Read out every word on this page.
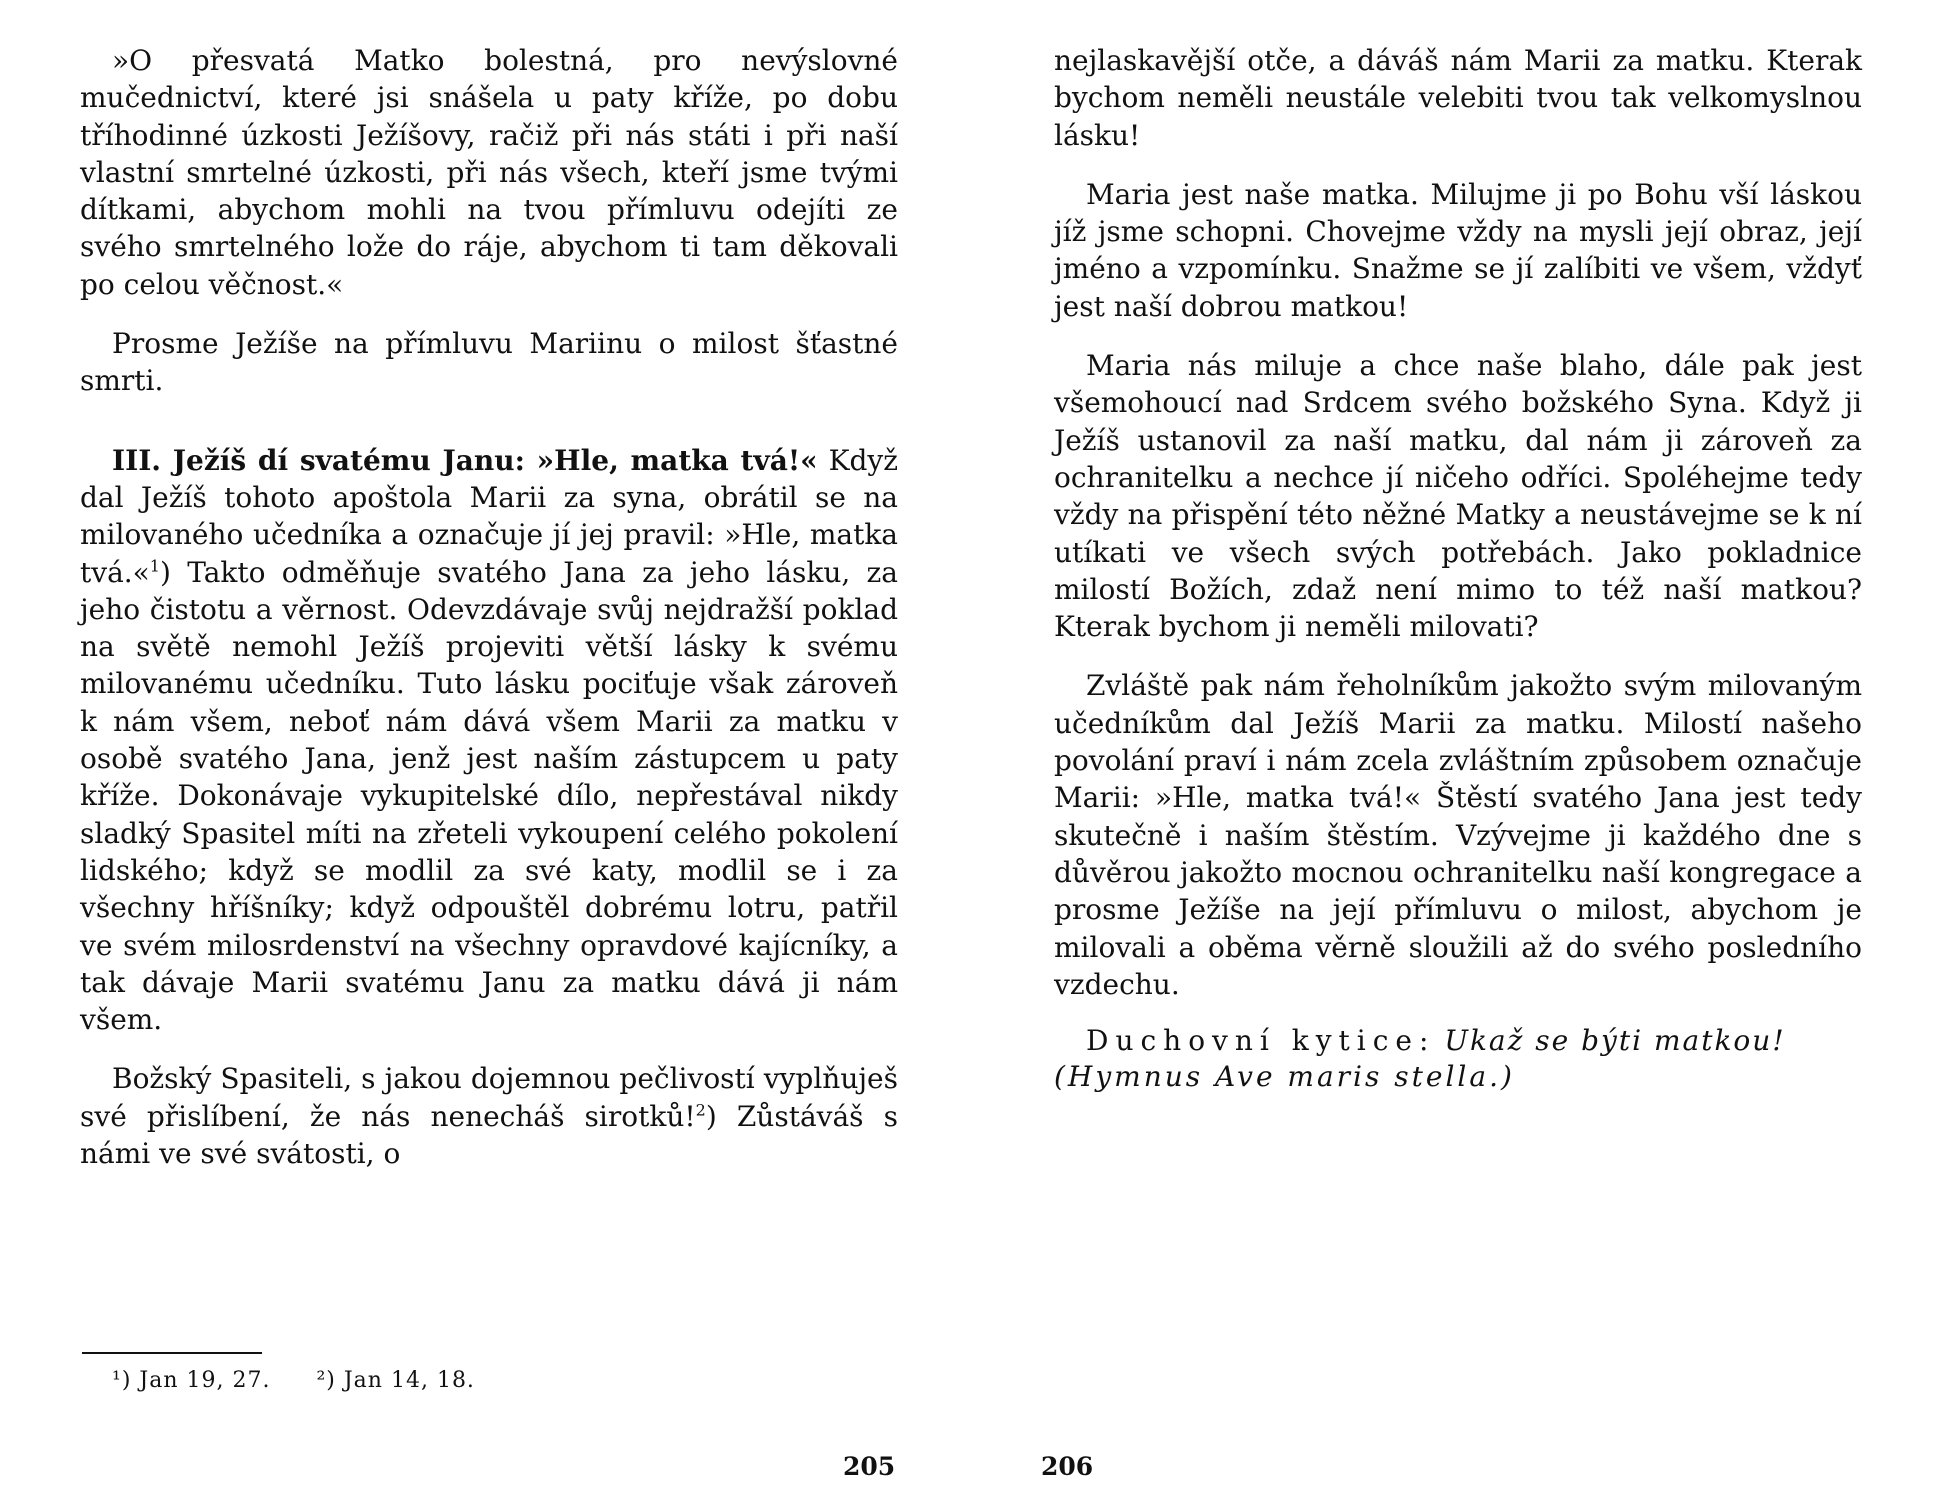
»O přesvatá Matko bolestná, pro nevýslovné mučednictví, které jsi snášela u paty kříže, po dobu tříhodinné úzkosti Ježíšovy, račiž při nás státi i při naší vlastní smrtelné úzkosti, při nás všech, kteří jsme tvými dítkami, abychom mohli na tvou přímluvu odejíti ze svého smrtelného lože do ráje, abychom ti tam děkovali po celou věčnost.«

Prosme Ježíše na přímluvu Mariinu o milost šťastné smrti.

III. Ježíš dí svatému Janu: »Hle, matka tvá!« Když dal Ježíš tohoto apoštola Marii za syna, obrátil se na milovaného učedníka a označuje jí jej pravil: »Hle, matka tvá.«$^1$) Takto odměňuje svatého Jana za jeho lásku, za jeho čistotu a věrnost. Odevzdávaje svůj nejdražší poklad na světě nemohl Ježíš projeviti větší lásky k svému milovanému učedníku. Tuto lásku pociťuje však zároveň k nám všem, neboť nám dává všem Marii za matku v osobě svatého Jana, jenž jest naším zástupcem u paty kříže. Dokonávaje vykupitelské dílo, nepřestával nikdy sladký Spasitel míti na zřeteli vykoupení celého pokolení lidského; když se modlil za své katy, modlil se i za všechny hříšníky; když odpouštěl dobrému lotru, patřil ve svém milosrdenství na všechny opravdové kajícníky, a tak dávaje Marii svatému Janu za matku dává ji nám všem.

Božský Spasiteli, s jakou dojemnou pečlivostí vyplňuješ své přislíbení, že nás nenecháš sirotků!$^2$) Zůstáváš s námi ve své svátosti, o

¹) Jan 19, 27. ²) Jan 14, 18.
205

nejlaskavější otče, a dáváš nám Marii za matku. Kterak bychom neměli neustále velebiti tvou tak velkomyslnou lásku!

Maria jest naše matka. Milujme ji po Bohu vší láskou jíž jsme schopni. Chovejme vždy na mysli její obraz, její jméno a vzpomínku. Snažme se jí zalíbiti ve všem, vždyť jest naší dobrou matkou!

Maria nás miluje a chce naše blaho, dále pak jest všemohoucí nad Srdcem svého božského Syna. Když ji Ježíš ustanovil za naší matku, dal nám ji zároveň za ochranitelku a nechce jí ničeho odříci. Spoléhejme tedy vždy na přispění této něžné Matky a neustávejme se k ní utíkati ve všech svých potřebách. Jako pokladnice milostí Božích, zdaž není mimo to též naší matkou? Kterak bychom ji neměli milovati?

Zvláště pak nám řeholníkům jakožto svým milovaným učedníkům dal Ježíš Marii za matku. Milostí našeho povolání praví i nám zcela zvláštním způsobem označuje Marii: »Hle, matka tvá!« Štěstí svatého Jana jest tedy skutečně i naším štěstím. Vzývejme ji každého dne s důvěrou jakožto mocnou ochranitelku naší kongregace a prosme Ježíše na její přímluvu o milost, abychom je milovali a oběma věrně sloužili až do svého posledního vzdechu.

Duchovní kytice: Ukaž se býti matkou!
(Hymnus Ave maris stella.)

206
